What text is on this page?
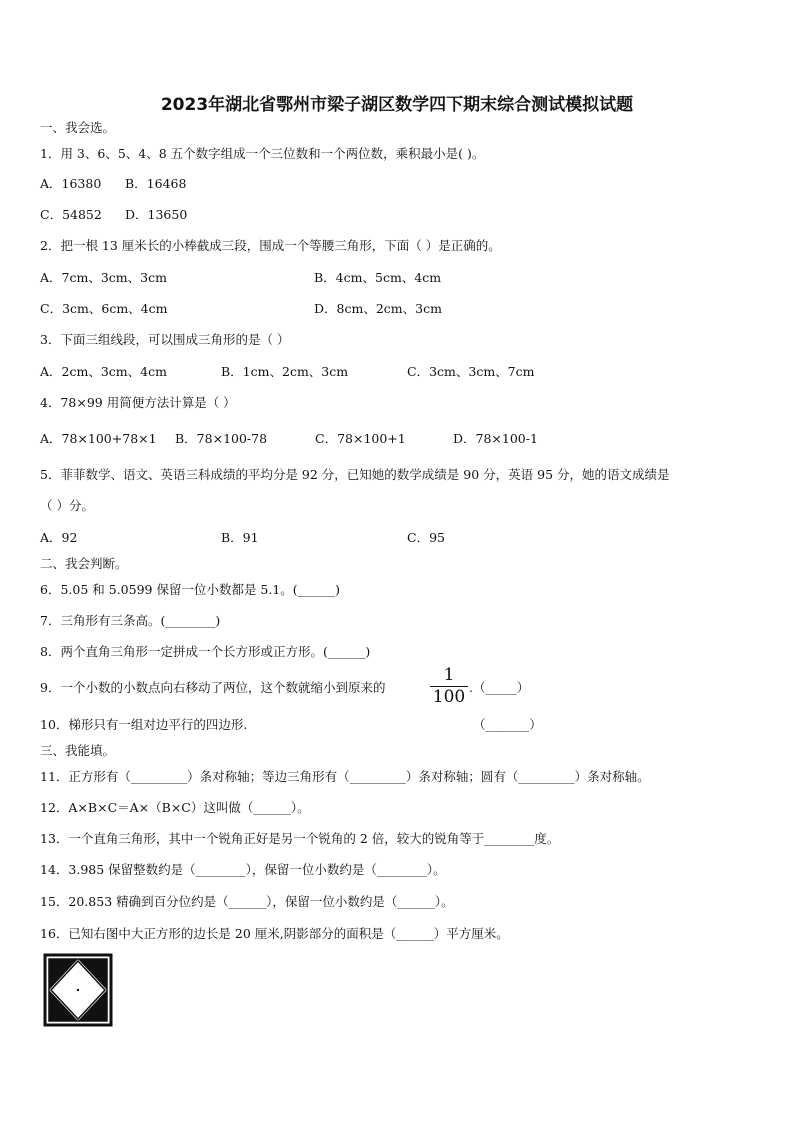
2023年湖北省鄂州市梁子湖区数学四下期末综合测试模拟试题
一、我会选。
1．用 3、6、5、4、8 五个数字组成一个三位数和一个两位数，乘积最小是( )。
A．16380 B．16468
C．54852 D．13650
2．把一根 13 厘米长的小棒截成三段，围成一个等腰三角形，下面（ ）是正确的。
A．7cm、3cm、3cm	B．4cm、5cm、4cm
C．3cm、6cm、4cm	D．8cm、2cm、3cm
3．下面三组线段，可以围成三角形的是（ ）
A．2cm、3cm、4cm	B．1cm、2cm、3cm	C．3cm、3cm、7cm
4．78×99 用简便方法计算是（ ）
A．78×100+78×1 B．78×100-78	C．78×100+1	D．78×100-1
5．菲菲数学、语文、英语三科成绩的平均分是 92 分，已知她的数学成绩是 90 分，英语 95 分，她的语文成绩是
（ ）分。
A．92	B．91	C．95
二、我会判断。
6．5.05 和 5.0599 保留一位小数都是 5.1。(______)
7．三角形有三条高。(________)
8．两个直角三角形一定拼成一个长方形或正方形。(______)
9．一个小数的小数点向右移动了两位，这个数就缩小到原来的
1
100 .（_____）
10．梯形只有一组对边平行的四边形.	（_______）
三、我能填。
11．正方形有（_________）条对称轴；等边三角形有（_________）条对称轴；圆有（_________）条对称轴。
12．A×B×C＝A×（B×C）这叫做（______）。
13．一个直角三角形，其中一个锐角正好是另一个锐角的 2 倍，较大的锐角等于________度。
14．3.985 保留整数约是（________），保留一位小数约是（________）。
15．20.853 精确到百分位约是（______），保留一位小数约是（______）。
16．已知右图中大正方形的边长是 20 厘米,阴影部分的面积是（______）平方厘米。
